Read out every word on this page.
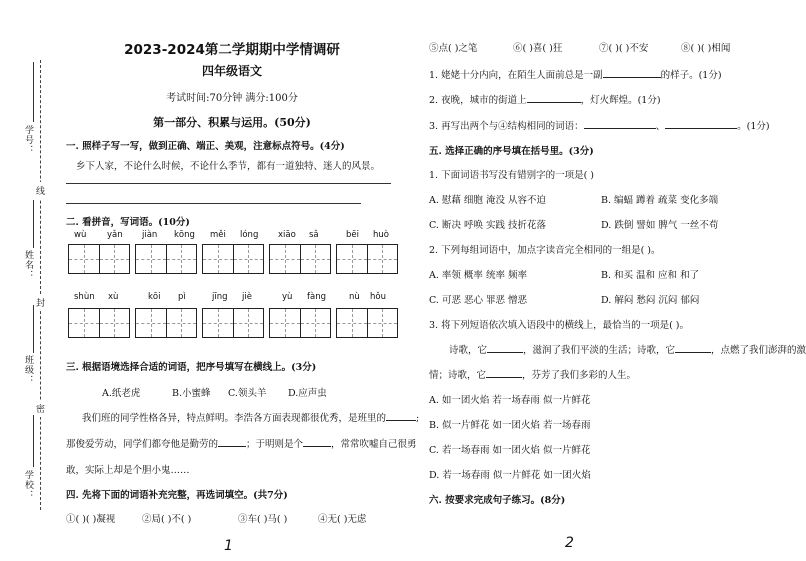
学号：
姓名：
班级：
学校：
线
封
密
2023-2024第二学期期中学情调研
四年级语文
考试时间:70分钟 满分:100分
第一部分、积累与运用。(50分)
一. 照样子写一写，做到正确、端正、美观，注意标点符号。(4分)
乡下人家，不论什么时候，不论什么季节，都有一道独特、迷人的风景。
二. 看拼音，写词语。(10分)
wù yǎn jiàn kōng měi lóng xiāo sǎ	bēi huò
shùn xù	kōi pì	jīng jiè	yù fàng	nù hǒu
三. 根据语境选择合适的词语，把序号填写在横线上。(3分)
A.纸老虎	B.小蜜蜂 C.领头羊 D.应声虫
我们班的同学性格各异，特点鲜明。李浩各方面表现都很优秀，是班里的	;
那俊爱劳动，同学们都夸他是勤劳的	；于明则是个	，常常吹嘘自己很勇
敢，实际上却是个胆小鬼……
四. 先将下面的词语补充完整，再选词填空。(共7分)
①( )( )凝视	②局( )不( )	③车( )马( )	④无( )无虑
1
⑤点( )之笔	⑥( )喜( )狂	⑦( )( )不安	⑧( )( )相闻
1. 姥姥十分内向，在陌生人面前总是一副	的样子。(1分)
2. 夜晚，城市的街道上	，灯火辉煌。(1分)
3. 再写出两个与④结构相同的词语：	、	。(1分)
五. 选择正确的序号填在括号里。(3分)
1. 下面词语书写没有错别字的一项是( )
A. 慰藉 细胞 淹没 从容不迫	B. 编蝠 蹲着 疏菜 变化多端
C. 断决 呼唤 实践 技折花落	D. 跌倒 譬如 脾气 一丝不苟
2. 下列每组词语中，加点字读音完全相同的一组是( )。
A. 率领 概率 统率 频率	B. 和买 温和 应和 和了
C. 可恶 恶心 罪恶 憎恶	D. 解闷 愁闷 沉闷 郁闷
3. 将下列短语依次填入语段中的横线上，最恰当的一项是( )。
诗歌，它	，滋润了我们平淡的生活；诗歌，它	，点燃了我们澎湃的激
情；诗歌，它	，芬芳了我们多彩的人生。
A. 如一团火焰 若一场春雨 似一片鲜花
B. 似一片鲜花 如一团火焰 若一场春雨
C. 若一场春雨 如一团火焰 似一片鲜花
D. 若一场春雨 似一片鲜花 如一团火焰
六. 按要求完成句子练习。(8分)
2
